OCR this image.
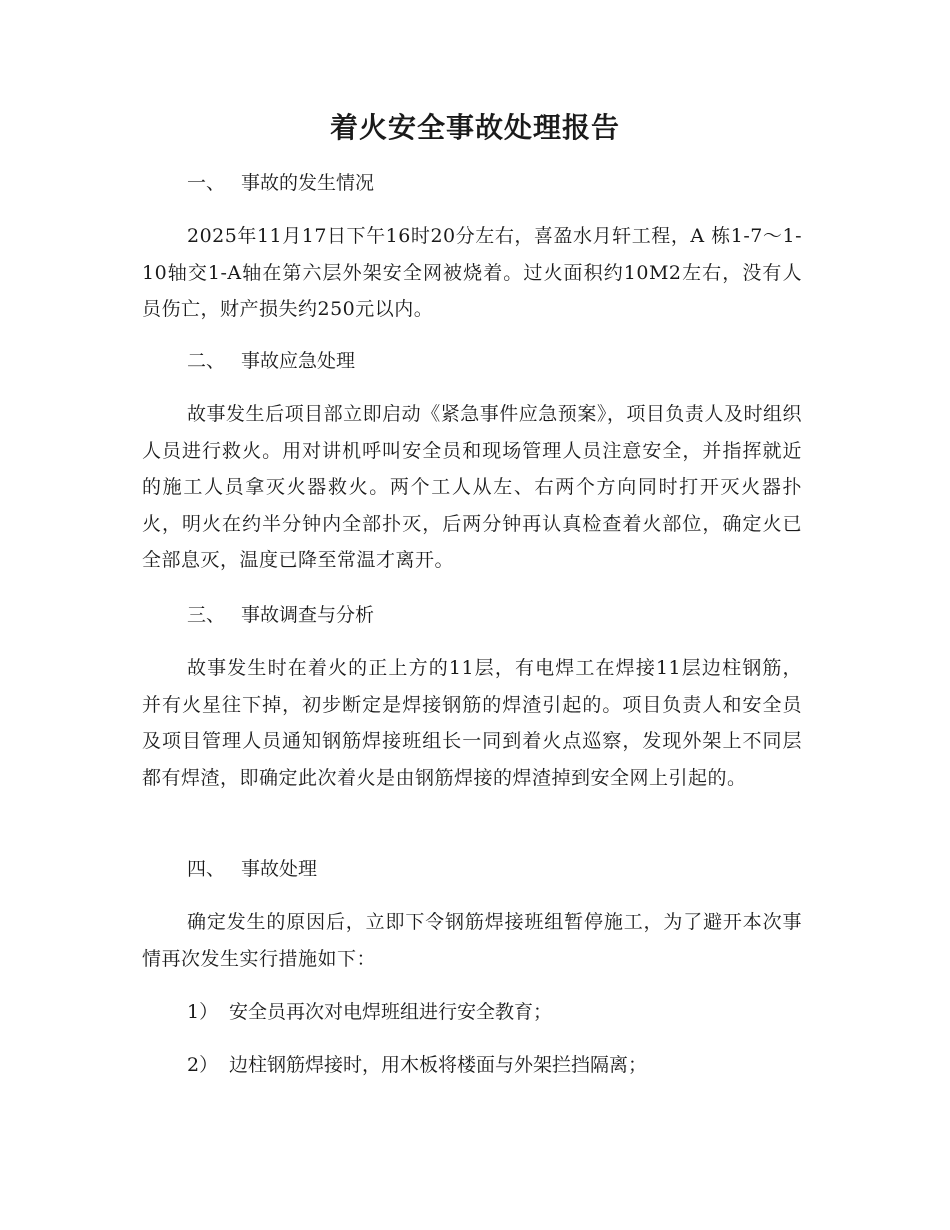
着火安全事故处理报告
一、 事故的发生情况

2025年11月17日下午16时20分左右，喜盈水月轩工程，A 栋1-7～1-10轴交1-A轴在第六层外架安全网被烧着。过火面积约10M2左右，没有人员伤亡，财产损失约250元以内。

二、 事故应急处理

故事发生后项目部立即启动《紧急事件应急预案》，项目负责人及时组织人员进行救火。用对讲机呼叫安全员和现场管理人员注意安全，并指挥就近的施工人员拿灭火器救火。两个工人从左、右两个方向同时打开灭火器扑火，明火在约半分钟内全部扑灭，后两分钟再认真检查着火部位，确定火已全部息灭，温度已降至常温才离开。

三、 事故调查与分析

故事发生时在着火的正上方的11层，有电焊工在焊接11层边柱钢筋，并有火星往下掉，初步断定是焊接钢筋的焊渣引起的。项目负责人和安全员及项目管理人员通知钢筋焊接班组长一同到着火点巡察，发现外架上不同层都有焊渣，即确定此次着火是由钢筋焊接的焊渣掉到安全网上引起的。

四、 事故处理

确定发生的原因后，立即下令钢筋焊接班组暂停施工，为了避开本次事情再次发生实行措施如下：

1） 安全员再次对电焊班组进行安全教育；
2） 边柱钢筋焊接时，用木板将楼面与外架拦挡隔离；
